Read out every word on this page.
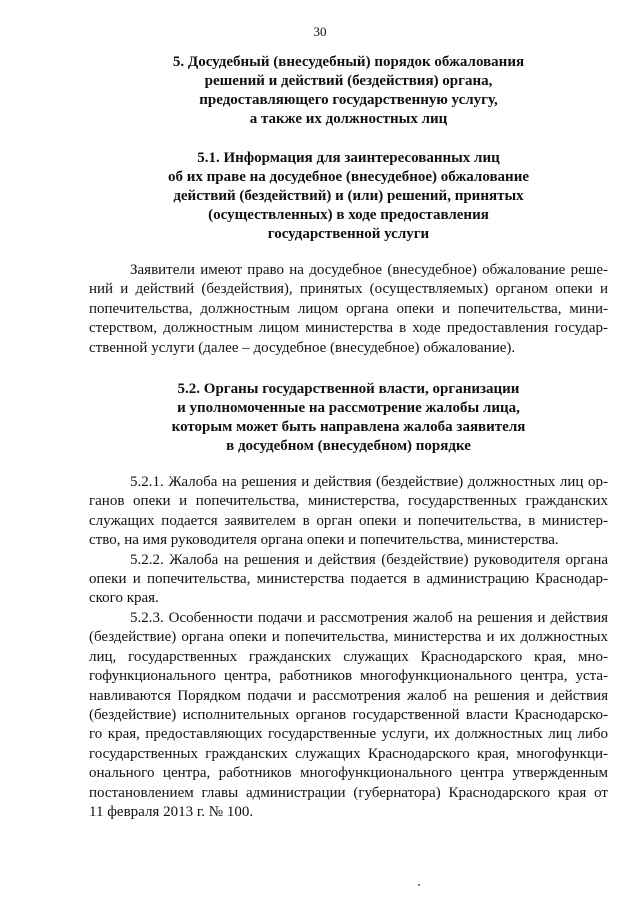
30
5. Досудебный (внесудебный) порядок обжалования
решений и действий (бездействия) органа,
предоставляющего государственную услугу,
а также их должностных лиц
5.1. Информация для заинтересованных лиц
об их праве на досудебное (внесудебное) обжалование
действий (бездействий) и (или) решений, принятых
(осуществленных) в ходе предоставления
государственной услуги

Заявители имеют право на досудебное (внесудебное) обжалование реше-
ний и действий (бездействия), принятых (осуществляемых) органом опеки и
попечительства, должностным лицом органа опеки и попечительства, мини-
стерством, должностным лицом министерства в ходе предоставления государ-
ственной услуги (далее – досудебное (внесудебное) обжалование).

5.2. Органы государственной власти, организации
и уполномоченные на рассмотрение жалобы лица,
которым может быть направлена жалоба заявителя
в досудебном (внесудебном) порядке

5.2.1. Жалоба на решения и действия (бездействие) должностных лиц ор-
ганов опеки и попечительства, министерства, государственных гражданских
служащих подается заявителем в орган опеки и попечительства, в министер-
ство, на имя руководителя органа опеки и попечительства, министерства.

5.2.2. Жалоба на решения и действия (бездействие) руководителя органа
опеки и попечительства, министерства подается в администрацию Краснодар-
ского края.

5.2.3. Особенности подачи и рассмотрения жалоб на решения и действия
(бездействие) органа опеки и попечительства, министерства и их должностных
лиц, государственных гражданских служащих Краснодарского края, мно-
гофункционального центра, работников многофункционального центра, уста-
навливаются Порядком подачи и рассмотрения жалоб на решения и действия
(бездействие) исполнительных органов государственной власти Краснодарско-
го края, предоставляющих государственные услуги, их должностных лиц либо
государственных гражданских служащих Краснодарского края, многофункци-
онального центра, работников многофункционального центра утвержденным
постановлением главы администрации (губернатора) Краснодарского края от
11 февраля 2013 г. № 100.
